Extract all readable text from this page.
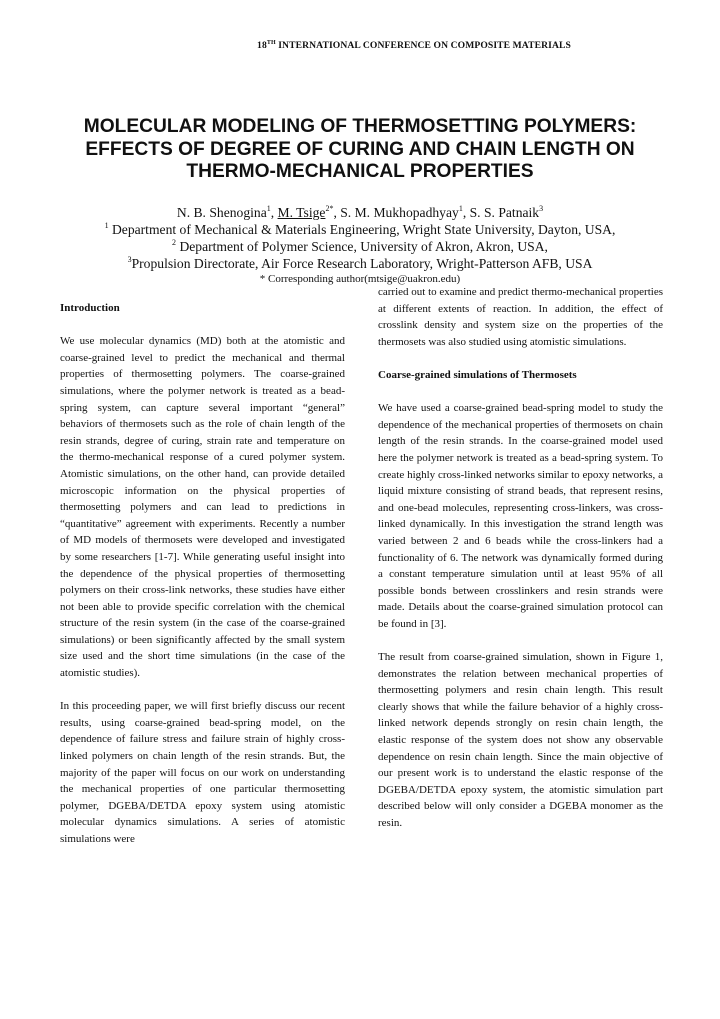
18TH INTERNATIONAL CONFERENCE ON COMPOSITE MATERIALS
MOLECULAR MODELING OF THERMOSETTING POLYMERS:
EFFECTS OF DEGREE OF CURING AND CHAIN LENGTH ON
THERMO-MECHANICAL PROPERTIES
N. B. Shenogina$^1$, M. Tsige$^{2*}$, S. M. Mukhopadhyay$^1$, S. S. Patnaik$^3$
$^1$ Department of Mechanical & Materials Engineering, Wright State University, Dayton, USA,
$^2$ Department of Polymer Science, University of Akron, Akron, USA,
$^3$Propulsion Directorate, Air Force Research Laboratory, Wright-Patterson AFB, USA
* Corresponding author(mtsige@uakron.edu)

Introduction

We use molecular dynamics (MD) both at the atomistic and coarse-grained level to predict the mechanical and thermal properties of thermosetting polymers. The coarse-grained simulations, where the polymer network is treated as a bead-spring system, can capture several important “general” behaviors of thermosets such as the role of chain length of the resin strands, degree of curing, strain rate and temperature on the thermo-mechanical response of a cured polymer system. Atomistic simulations, on the other hand, can provide detailed microscopic information on the physical properties of thermosetting polymers and can lead to predictions in “quantitative” agreement with experiments. Recently a number of MD models of thermosets were developed and investigated by some researchers [1-7]. While generating useful insight into the dependence of the physical properties of thermosetting polymers on their cross-link networks, these studies have either not been able to provide specific correlation with the chemical structure of the resin system (in the case of the coarse-grained simulations) or been significantly affected by the small system size used and the short time simulations (in the case of the atomistic studies).

In this proceeding paper, we will first briefly discuss our recent results, using coarse-grained bead-spring model, on the dependence of failure stress and failure strain of highly cross-linked polymers on chain length of the resin strands. But, the majority of the paper will focus on our work on understanding the mechanical properties of one particular thermosetting polymer, DGEBA/DETDA epoxy system using atomistic molecular dynamics simulations. A series of atomistic simulations were

carried out to examine and predict thermo-mechanical properties at different extents of reaction. In addition, the effect of crosslink density and system size on the properties of the thermosets was also studied using atomistic simulations.

Coarse-grained simulations of Thermosets

We have used a coarse-grained bead-spring model to study the dependence of the mechanical properties of thermosets on chain length of the resin strands. In the coarse-grained model used here the polymer network is treated as a bead-spring system. To create highly cross-linked networks similar to epoxy networks, a liquid mixture consisting of strand beads, that represent resins, and one-bead molecules, representing cross-linkers, was cross-linked dynamically. In this investigation the strand length was varied between 2 and 6 beads while the cross-linkers had a functionality of 6. The network was dynamically formed during a constant temperature simulation until at least 95% of all possible bonds between crosslinkers and resin strands were made. Details about the coarse-grained simulation protocol can be found in [3].

The result from coarse-grained simulation, shown in Figure 1, demonstrates the relation between mechanical properties of thermosetting polymers and resin chain length. This result clearly shows that while the failure behavior of a highly cross-linked network depends strongly on resin chain length, the elastic response of the system does not show any observable dependence on resin chain length. Since the main objective of our present work is to understand the elastic response of the DGEBA/DETDA epoxy system, the atomistic simulation part described below will only consider a DGEBA monomer as the resin.
